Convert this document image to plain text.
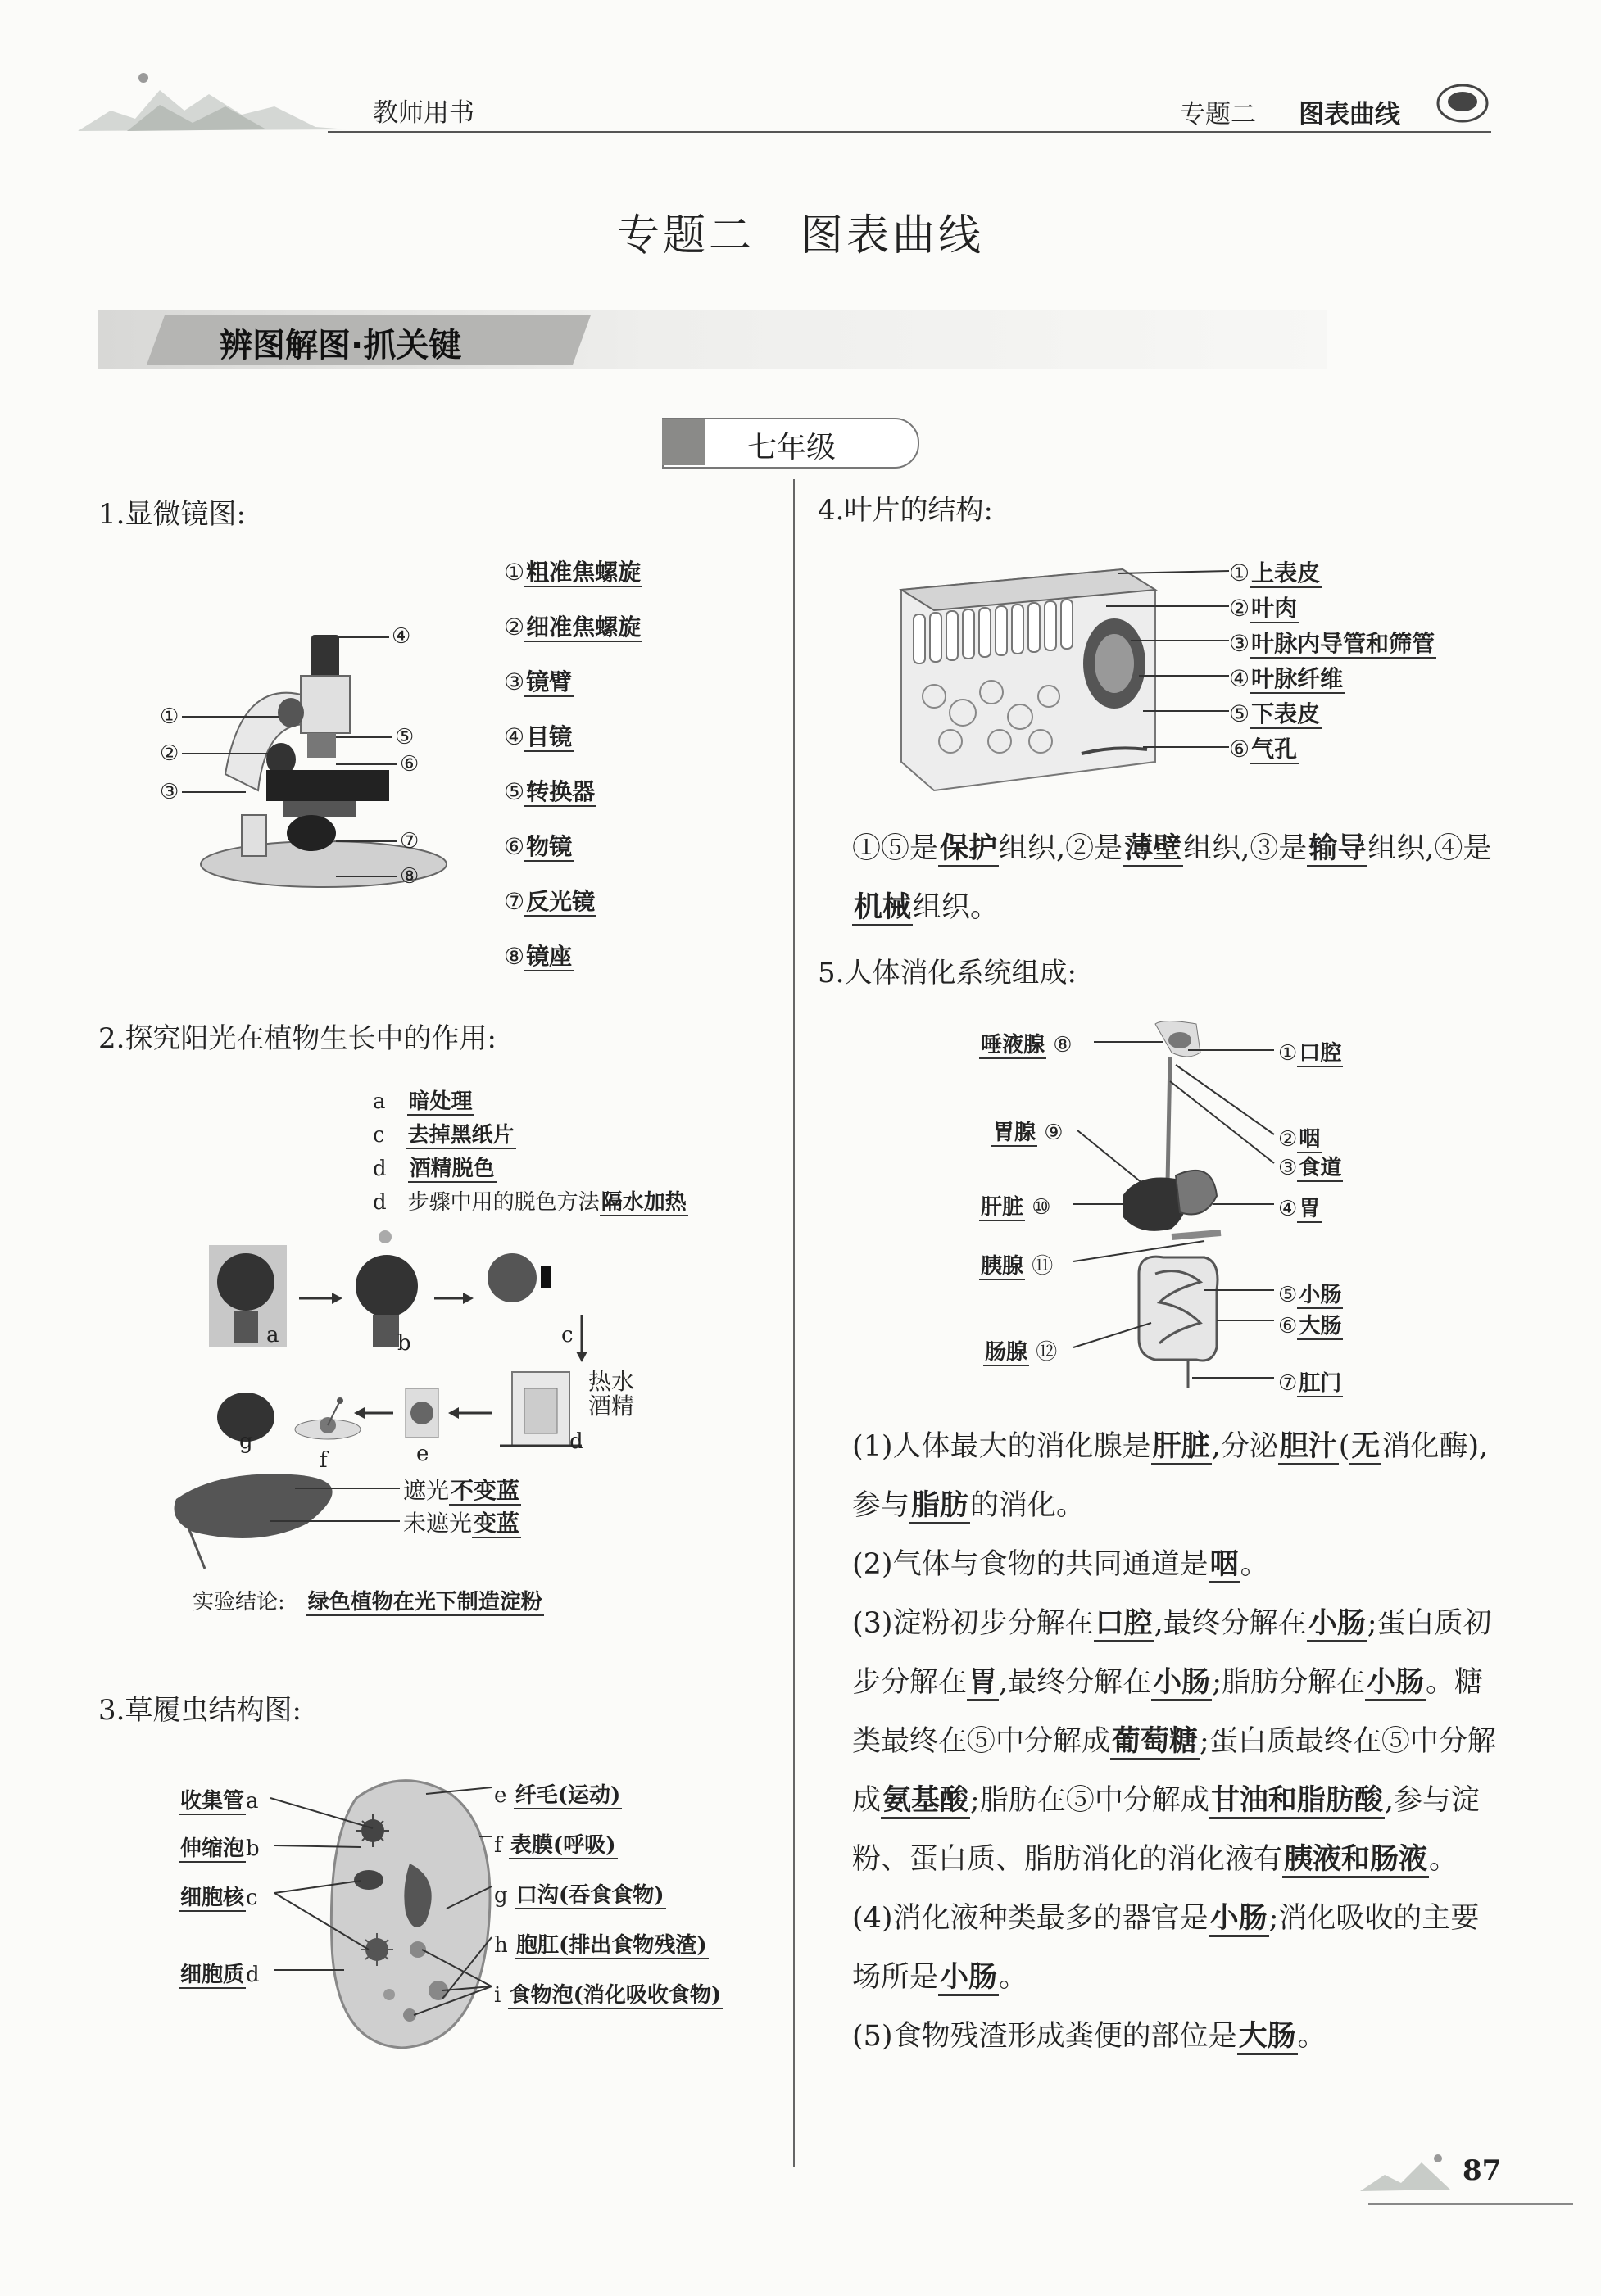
教师用书	专题二 图表曲线
专题二　图表曲线
辨图解图·抓关键
七年级
1.显微镜图:
④
①
⑤
②	⑥
③
⑦
⑧
①粗准焦螺旋
②细准焦螺旋
③镜臂
④目镜
⑤转换器
⑥物镜
⑦反光镜
⑧镜座
2.探究阳光在植物生长中的作用:
a　 暗处理
c　 去掉黑纸片
d　 酒精脱色
d　 步骤中用的脱色方法隔水加热
a	b	c
d
e
f
g
热水
酒精
遮光不变蓝
未遮光变蓝
实验结论:　 绿色植物在光下制造淀粉
3.草履虫结构图:
收集管a
伸缩泡b
细胞核c
细胞质d
e 纤毛(运动)
f 表膜(呼吸)
g 口沟(吞食食物)
h 胞肛(排出食物残渣)
i 食物泡(消化吸收食物)
4.叶片的结构:
①上表皮
②叶肉
③叶脉内导管和筛管
④叶脉纤维
⑤下表皮
⑥气孔
①⑤是保护组织,②是薄壁组织,③是输导组织,④是机械组织。
5.人体消化系统组成:
唾液腺 ⑧
胃腺 ⑨
肝脏 ⑩
胰腺 ⑪
肠腺 ⑫
①口腔
②咽
③食道
④胃
⑤小肠
⑥大肠
⑦肛门
(1)人体最大的消化腺是肝脏,分泌胆汁(无消化酶),参与脂肪的消化。
(2)气体与食物的共同通道是咽。
(3)淀粉初步分解在口腔,最终分解在小肠;蛋白质初步分解在胃,最终分解在小肠;脂肪分解在小肠。糖类最终在⑤中分解成葡萄糖;蛋白质最终在⑤中分解成氨基酸;脂肪在⑤中分解成甘油和脂肪酸,参与淀粉、蛋白质、脂肪消化的消化液有胰液和肠液。
(4)消化液种类最多的器官是小肠;消化吸收的主要场所是小肠。
(5)食物残渣形成粪便的部位是大肠。
87
